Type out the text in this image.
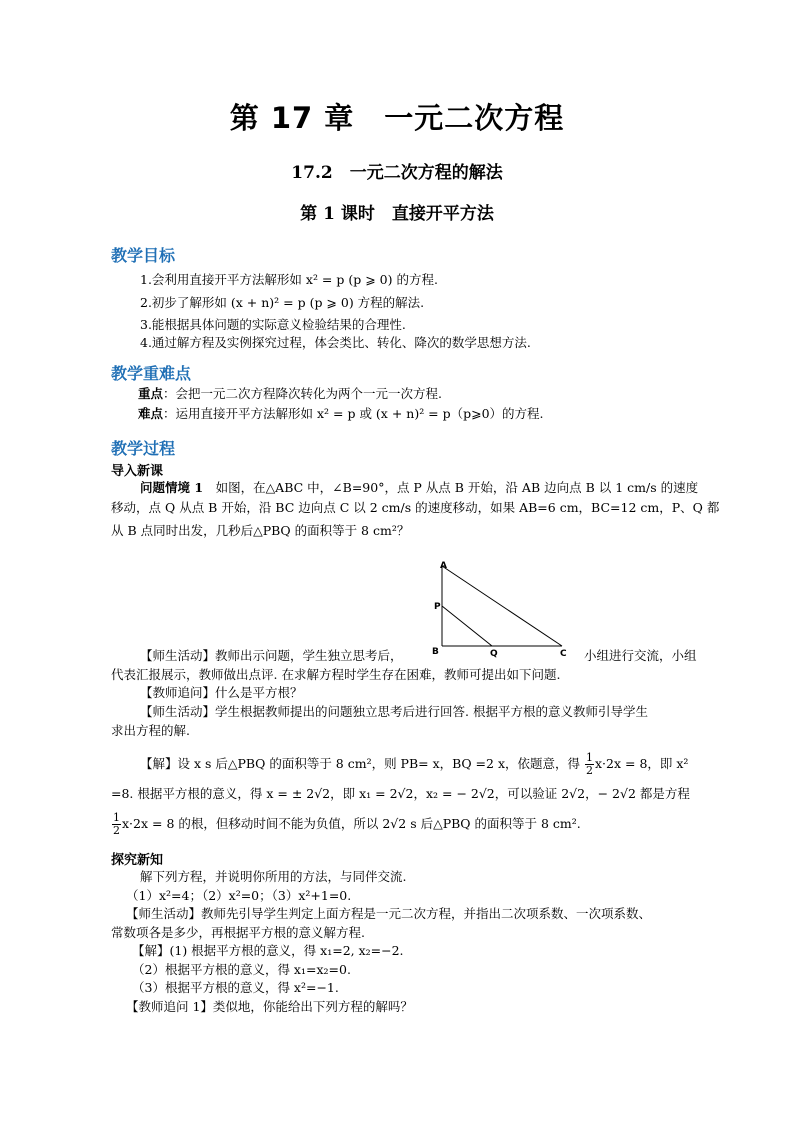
第 17 章　一元二次方程
17.2　一元二次方程的解法
第 1 课时　直接开平方法
教学目标
1.会利用直接开平方法解形如 x² = p (p ⩾ 0) 的方程.
2.初步了解形如 (x + n)² = p (p ⩾ 0) 方程的解法.
3.能根据具体问题的实际意义检验结果的合理性.
4.通过解方程及实例探究过程，体会类比、转化、降次的数学思想方法.
教学重难点
重点：会把一元二次方程降次转化为两个一元一次方程.
难点：运用直接开平方法解形如 x² = p 或 (x + n)² = p（p⩾0）的方程.
教学过程
导入新课
问题情境 1　如图，在△ABC 中，∠B=90°，点 P 从点 B 开始，沿 AB 边向点 B 以 1 cm/s 的速度
移动，点 Q 从点 B 开始，沿 BC 边向点 C 以 2 cm/s 的速度移动，如果 AB=6 cm，BC=12 cm，P、Q 都
从 B 点同时出发，几秒后△PBQ 的面积等于 8 cm²？
A
P
B	Q	C
【师生活动】教师出示问题，学生独立思考后，	小组进行交流，小组
代表汇报展示，教师做出点评. 在求解方程时学生存在困难，教师可提出如下问题.
【教师追问】什么是平方根？
【师生活动】学生根据教师提出的问题独立思考后进行回答. 根据平方根的意义教师引导学生
求出方程的解.
【解】设 x s 后△PBQ 的面积等于 8 cm²，则 PB= x，BQ =2 x，依题意，得 $\frac{1}{2} x\cdot 2x = 8$，即 x²
=8. 根据平方根的意义，得 x = ± 2√2，即 x₁ = 2√2，x₂ = − 2√2，可以验证 2√2，− 2√2 都是方程
$\frac{1}{2} x\cdot 2x = 8$ 的根，但移动时间不能为负值，所以 2√2 s 后△PBQ 的面积等于 8 cm².
探究新知
解下列方程，并说明你所用的方法，与同伴交流.
（1）x²=4；（2）x²=0；（3）x²+1=0.
【师生活动】教师先引导学生判定上面方程是一元二次方程，并指出二次项系数、一次项系数、
常数项各是多少，再根据平方根的意义解方程.
【解】(1) 根据平方根的意义，得 x₁=2, x₂=−2.
（2）根据平方根的意义，得 x₁=x₂=0.
（3）根据平方根的意义，得 x²=−1.
【教师追问 1】类似地，你能给出下列方程的解吗？
